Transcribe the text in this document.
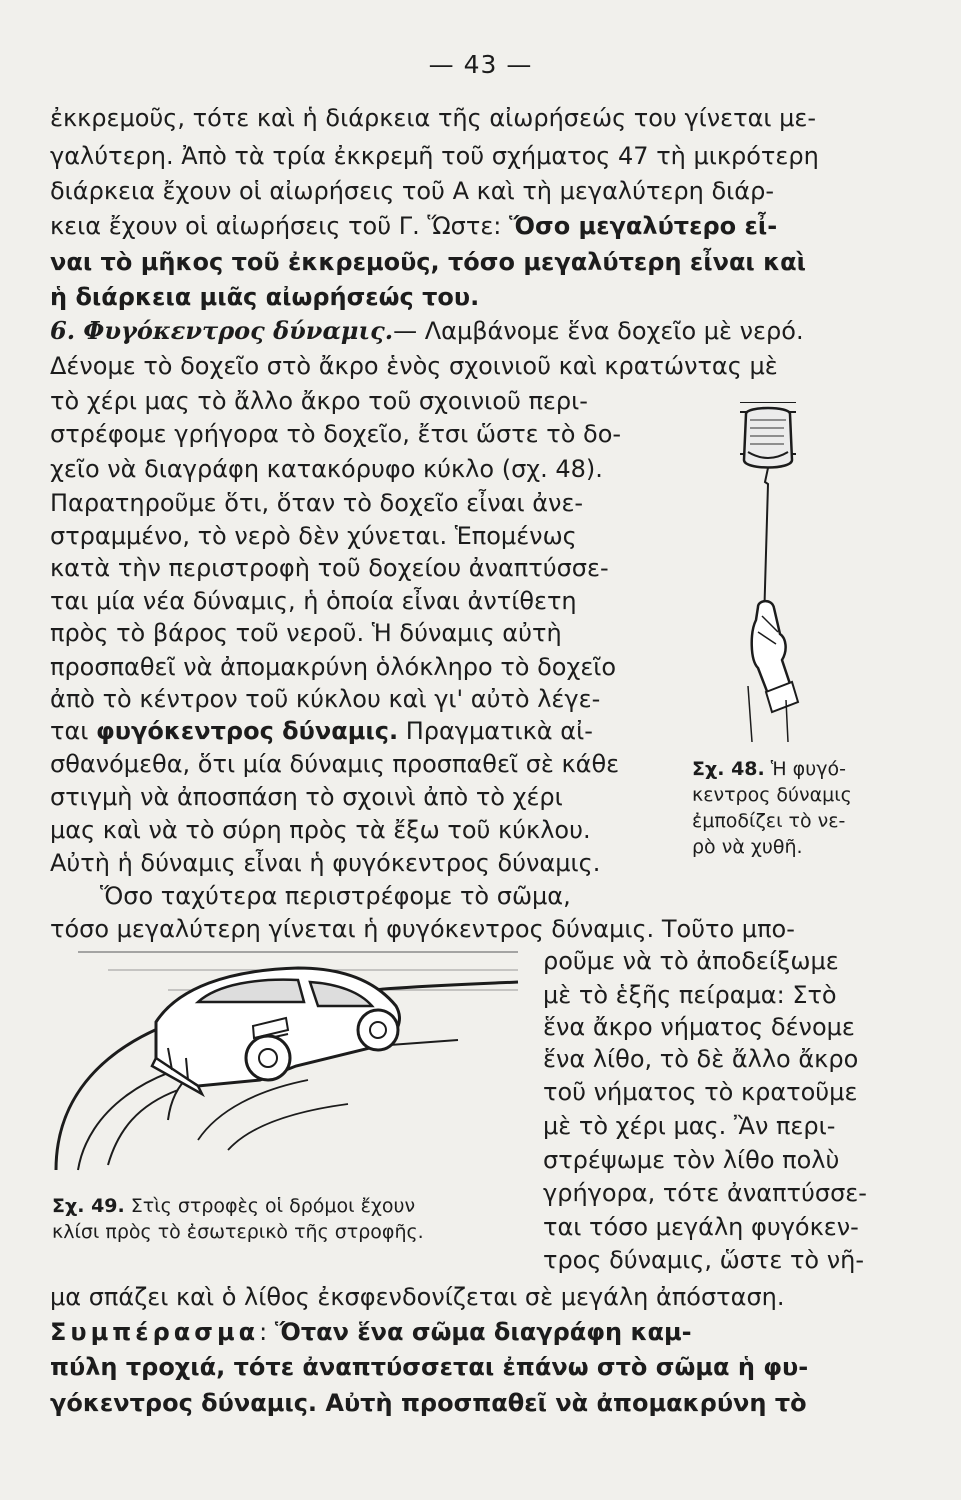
— 43 —

ἐκκρεμοῦς, τότε καὶ ἡ διάρκεια τῆς αἰωρήσεώς του γίνεται με-

γαλύτερη. Ἀπὸ τὰ τρία ἐκκρεμῆ τοῦ σχήματος 47 τὴ μικρότερη

διάρκεια ἔχουν οἱ αἰωρήσεις τοῦ Α καὶ τὴ μεγαλύτερη διάρ-

κεια ἔχουν οἱ αἰωρήσεις τοῦ Γ. Ὥστε: Ὅσο μεγαλύτερο εἶ-

ναι τὸ μῆκος τοῦ ἐκκρεμοῦς, τόσο μεγαλύτερη εἶναι καὶ

ἡ διάρκεια μιᾶς αἰωρήσεώς του.

6. Φυγόκεντρος δύναμις. — Λαμβάνομε ἕνα δοχεῖο μὲ νερό.

Δένομε τὸ δοχεῖο στὸ ἄκρο ἑνὸς σχοινιοῦ καὶ κρατώντας μὲ

τὸ χέρι μας τὸ ἄλλο ἄκρο τοῦ σχοινιοῦ περι-

στρέφομε γρήγορα τὸ δοχεῖο, ἔτσι ὥστε τὸ δο-

χεῖο νὰ διαγράφη κατακόρυφο κύκλο (σχ. 48).

Παρατηροῦμε ὅτι, ὅταν τὸ δοχεῖο εἶναι ἀνε-

στραμμένο, τὸ νερὸ δὲν χύνεται. Ἑπομένως

κατὰ τὴν περιστροφὴ τοῦ δοχείου ἀναπτύσσε-

ται μία νέα δύναμις, ἡ ὁποία εἶναι ἀντίθετη

πρὸς τὸ βάρος τοῦ νεροῦ. Ἡ δύναμις αὐτὴ

προσπαθεῖ νὰ ἀπομακρύνη ὁλόκληρο τὸ δοχεῖο

ἀπὸ τὸ κέντρον τοῦ κύκλου καὶ γι' αὐτὸ λέγε-

ται φυγόκεντρος δύναμις. Πραγματικὰ αἰ-

σθανόμεθα, ὅτι μία δύναμις προσπαθεῖ σὲ κάθε

στιγμὴ νὰ ἀποσπάση τὸ σχοινὶ ἀπὸ τὸ χέρι

μας καὶ νὰ τὸ σύρη πρὸς τὰ ἔξω τοῦ κύκλου.

Αὐτὴ ἡ δύναμις εἶναι ἡ φυγόκεντρος δύναμις.

Ὅσο ταχύτερα περιστρέφομε τὸ σῶμα,

τόσο μεγαλύτερη γίνεται ἡ φυγόκεντρος δύναμις. Τοῦτο μπο-

ροῦμε νὰ τὸ ἀποδείξωμε

μὲ τὸ ἑξῆς πείραμα: Στὸ

ἕνα ἄκρο νήματος δένομε

ἕνα λίθο, τὸ δὲ ἄλλο ἄκρο

τοῦ νήματος τὸ κρατοῦμε

μὲ τὸ χέρι μας. Ἂν περι-

στρέψωμε τὸν λίθο πολὺ

γρήγορα, τότε ἀναπτύσσε-

ται τόσο μεγάλη φυγόκεν-

τρος δύναμις, ὥστε τὸ νῆ-

μα σπάζει καὶ ὁ λίθος ἐκσφενδονίζεται σὲ μεγάλη ἀπόσταση.

Συμπέρασμα : Ὅταν ἕνα σῶμα διαγράφη καμ-

πύλη τροχιά, τότε ἀναπτύσσεται ἐπάνω στὸ σῶμα ἡ φυ-

γόκεντρος δύναμις. Αὐτὴ προσπαθεῖ νὰ ἀπομακρύνη τὸ

Σχ. 48. Ἡ φυγό-
κεντρος δύναμις
ἐμποδίζει τὸ νε-
ρὸ νὰ χυθῆ.
Σχ. 49. Στὶς στροφὲς οἱ δρόμοι ἔχουν
κλίσι πρὸς τὸ ἐσωτερικὸ τῆς στροφῆς.
